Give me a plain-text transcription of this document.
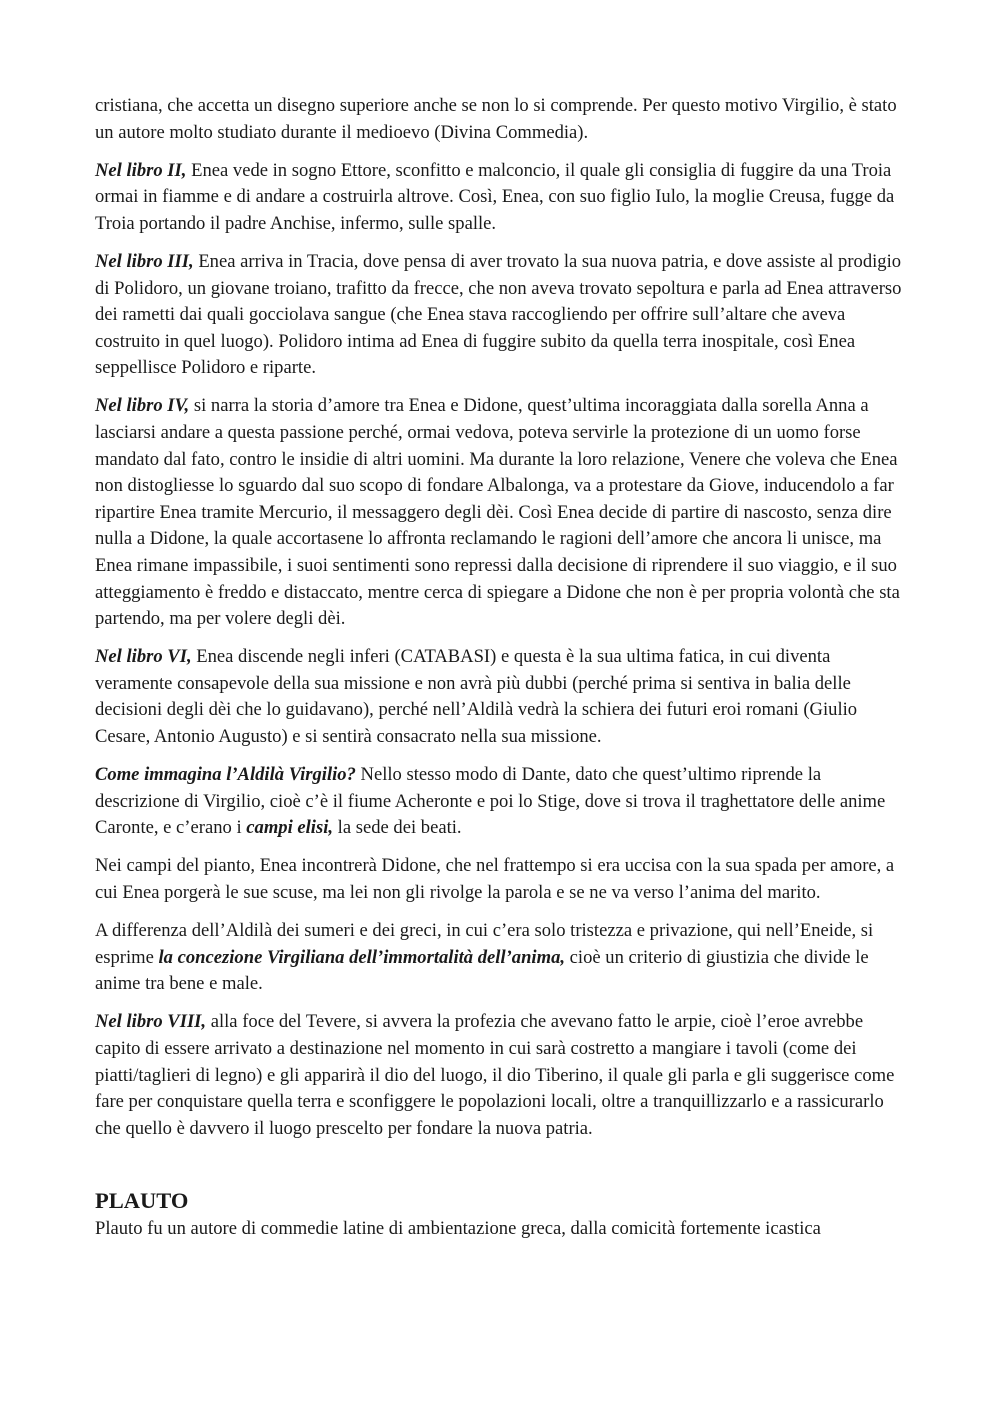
cristiana, che accetta un disegno superiore anche se non lo si comprende. Per questo motivo Virgilio, è stato un autore molto studiato durante il medioevo (Divina Commedia).

Nel libro II, Enea vede in sogno Ettore, sconfitto e malconcio, il quale gli consiglia di fuggire da una Troia ormai in fiamme e di andare a costruirla altrove. Così, Enea, con suo figlio Iulo, la moglie Creusa, fugge da Troia portando il padre Anchise, infermo, sulle spalle.

Nel libro III, Enea arriva in Tracia, dove pensa di aver trovato la sua nuova patria, e dove assiste al prodigio di Polidoro, un giovane troiano, trafitto da frecce, che non aveva trovato sepoltura e parla ad Enea attraverso dei rametti dai quali gocciolava sangue (che Enea stava raccogliendo per offrire sull’altare che aveva costruito in quel luogo). Polidoro intima ad Enea di fuggire subito da quella terra inospitale, così Enea seppellisce Polidoro e riparte.

Nel libro IV, si narra la storia d’amore tra Enea e Didone, quest’ultima incoraggiata dalla sorella Anna a lasciarsi andare a questa passione perché, ormai vedova, poteva servirle la protezione di un uomo forse mandato dal fato, contro le insidie di altri uomini. Ma durante la loro relazione, Venere che voleva che Enea non distogliesse lo sguardo dal suo scopo di fondare Albalonga, va a protestare da Giove, inducendolo a far ripartire Enea tramite Mercurio, il messaggero degli dèi. Così Enea decide di partire di nascosto, senza dire nulla a Didone, la quale accortasene lo affronta reclamando le ragioni dell’amore che ancora li unisce, ma Enea rimane impassibile, i suoi sentimenti sono repressi dalla decisione di riprendere il suo viaggio, e il suo atteggiamento è freddo e distaccato, mentre cerca di spiegare a Didone che non è per propria volontà che sta partendo, ma per volere degli dèi.

Nel libro VI, Enea discende negli inferi (CATABASI) e questa è la sua ultima fatica, in cui diventa veramente consapevole della sua missione e non avrà più dubbi (perché prima si sentiva in balia delle decisioni degli dèi che lo guidavano), perché nell’Aldilà vedrà la schiera dei futuri eroi romani (Giulio Cesare, Antonio Augusto) e si sentirà consacrato nella sua missione.

Come immagina l’Aldilà Virgilio? Nello stesso modo di Dante, dato che quest’ultimo riprende la descrizione di Virgilio, cioè c’è il fiume Acheronte e poi lo Stige, dove si trova il traghettatore delle anime Caronte, e c’erano i campi elisi, la sede dei beati.

Nei campi del pianto, Enea incontrerà Didone, che nel frattempo si era uccisa con la sua spada per amore, a cui Enea porgerà le sue scuse, ma lei non gli rivolge la parola e se ne va verso l’anima del marito.

A differenza dell’Aldilà dei sumeri e dei greci, in cui c’era solo tristezza e privazione, qui nell’Eneide, si esprime la concezione Virgiliana dell’immortalità dell’anima, cioè un criterio di giustizia che divide le anime tra bene e male.

Nel libro VIII, alla foce del Tevere, si avvera la profezia che avevano fatto le arpie, cioè l’eroe avrebbe capito di essere arrivato a destinazione nel momento in cui sarà costretto a mangiare i tavoli (come dei piatti/taglieri di legno) e gli apparirà il dio del luogo, il dio Tiberino, il quale gli parla e gli suggerisce come fare per conquistare quella terra e sconfiggere le popolazioni locali, oltre a tranquillizzarlo e a rassicurarlo che quello è davvero il luogo prescelto per fondare la nuova patria.

PLAUTO

Plauto fu un autore di commedie latine di ambientazione greca, dalla comicità fortemente icastica
